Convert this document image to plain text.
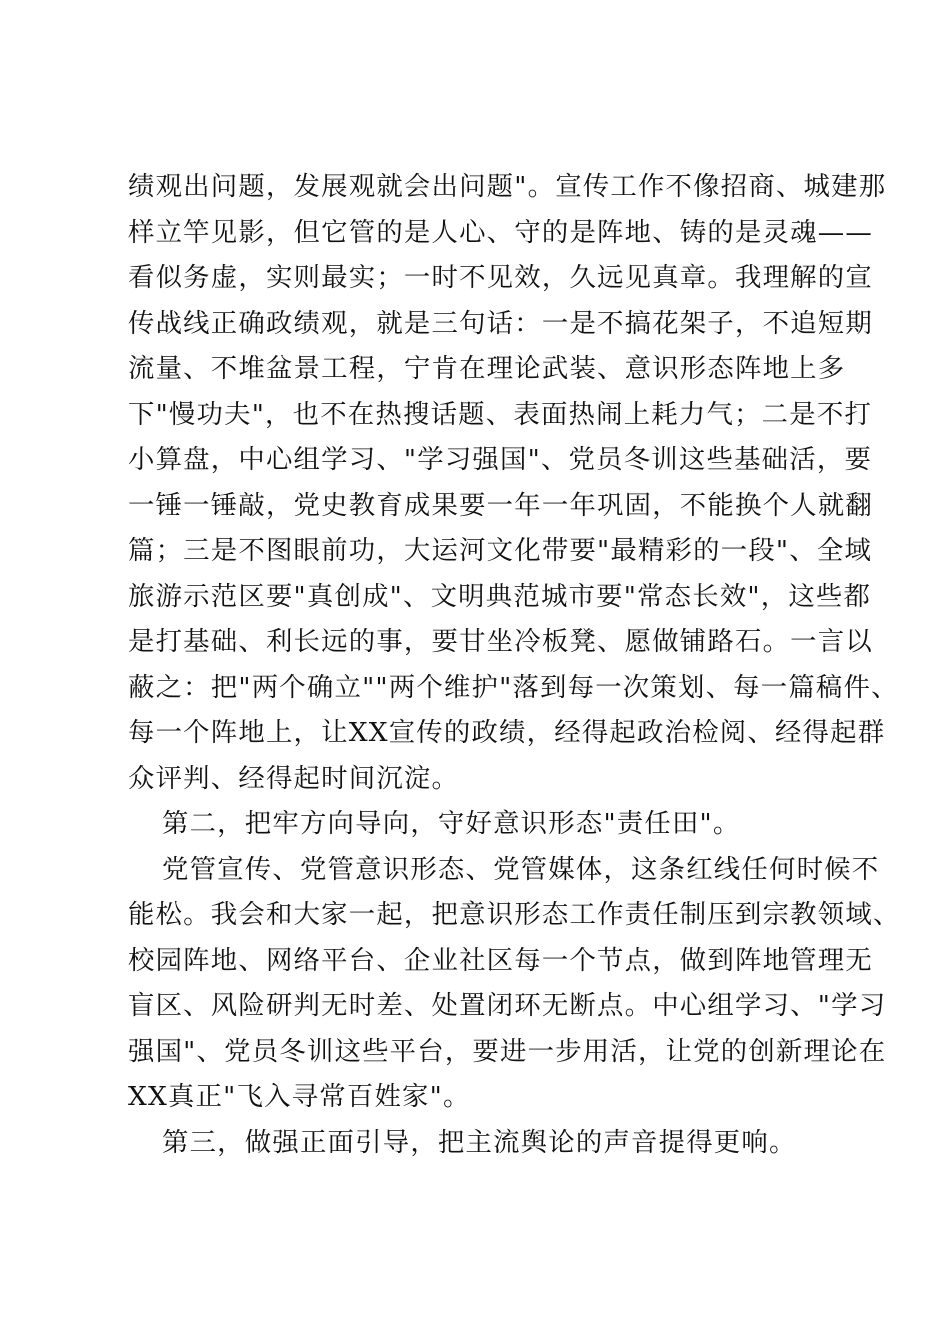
绩观出问题，发展观就会出问题"。宣传工作不像招商、城建那
样立竿见影，但它管的是人心、守的是阵地、铸的是灵魂——
看似务虚，实则最实；一时不见效，久远见真章。我理解的宣
传战线正确政绩观，就是三句话：一是不搞花架子，不追短期
流量、不堆盆景工程，宁肯在理论武装、意识形态阵地上多
下"慢功夫"，也不在热搜话题、表面热闹上耗力气；二是不打
小算盘，中心组学习、"学习强国"、党员冬训这些基础活，要
一锤一锤敲，党史教育成果要一年一年巩固，不能换个人就翻
篇；三是不图眼前功，大运河文化带要"最精彩的一段"、全域
旅游示范区要"真创成"、文明典范城市要"常态长效"，这些都
是打基础、利长远的事，要甘坐冷板凳、愿做铺路石。一言以
蔽之：把"两个确立""两个维护"落到每一次策划、每一篇稿件、
每一个阵地上，让XX宣传的政绩，经得起政治检阅、经得起群
众评判、经得起时间沉淀。
第二，把牢方向导向，守好意识形态"责任田"。
党管宣传、党管意识形态、党管媒体，这条红线任何时候不
能松。我会和大家一起，把意识形态工作责任制压到宗教领域、
校园阵地、网络平台、企业社区每一个节点，做到阵地管理无
盲区、风险研判无时差、处置闭环无断点。中心组学习、"学习
强国"、党员冬训这些平台，要进一步用活，让党的创新理论在
XX真正"飞入寻常百姓家"。
第三，做强正面引导，把主流舆论的声音提得更响。
